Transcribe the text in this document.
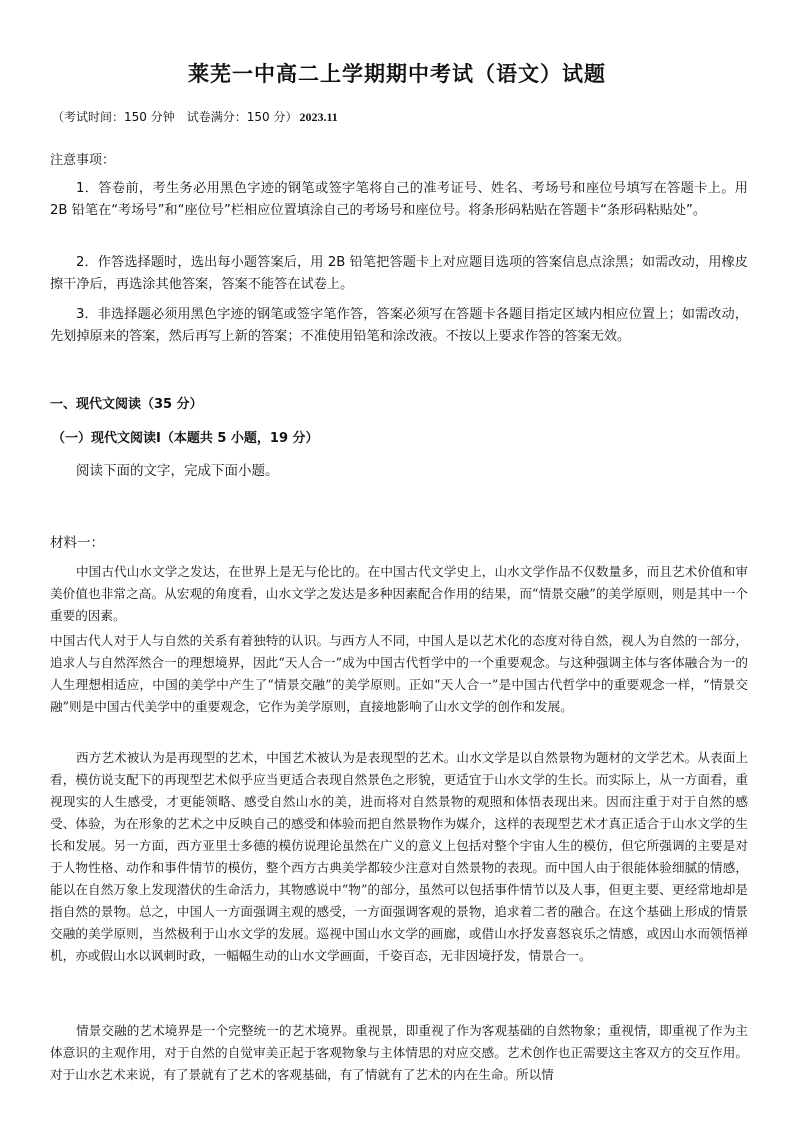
莱芜一中高二上学期期中考试（语文）试题
（考试时间：150 分钟　试卷满分：150 分） 2023.11
注意事项：
1．答卷前，考生务必用黑色字迹的钢笔或签字笔将自己的准考证号、姓名、考场号和座位号填写在答题卡上。用 2B 铅笔在“考场号”和“座位号”栏相应位置填涂自己的考场号和座位号。将条形码粘贴在答题卡“条形码粘贴处”。
2．作答选择题时，选出每小题答案后，用 2B 铅笔把答题卡上对应题目选项的答案信息点涂黑；如需改动，用橡皮擦干净后，再选涂其他答案，答案不能答在试卷上。
3．非选择题必须用黑色字迹的钢笔或签字笔作答，答案必须写在答题卡各题目指定区域内相应位置上；如需改动，先划掉原来的答案，然后再写上新的答案；不准使用铅笔和涂改液。不按以上要求作答的答案无效。
一、现代文阅读（35 分）
（一）现代文阅读Ⅰ（本题共 5 小题，19 分）
阅读下面的文字，完成下面小题。
材料一：
中国古代山水文学之发达，在世界上是无与伦比的。在中国古代文学史上，山水文学作品不仅数量多，而且艺术价值和审美价值也非常之高。从宏观的角度看，山水文学之发达是多种因素配合作用的结果，而“情景交融”的美学原则，则是其中一个重要的因素。
中国古代人对于人与自然的关系有着独特的认识。与西方人不同，中国人是以艺术化的态度对待自然，视人为自然的一部分，追求人与自然浑然合一的理想境界，因此“天人合一”成为中国古代哲学中的一个重要观念。与这种强调主体与客体融合为一的人生理想相适应，中国的美学中产生了“情景交融”的美学原则。正如“天人合一”是中国古代哲学中的重要观念一样，“情景交融”则是中国古代美学中的重要观念，它作为美学原则，直接地影响了山水文学的创作和发展。
西方艺术被认为是再现型的艺术，中国艺术被认为是表现型的艺术。山水文学是以自然景物为题材的文学艺术。从表面上看，模仿说支配下的再现型艺术似乎应当更适合表现自然景色之形貌，更适宜于山水文学的生长。而实际上，从一方面看，重视现实的人生感受，才更能领略、感受自然山水的美，进而将对自然景物的观照和体悟表现出来。因而注重于对于自然的感受、体验，为在形象的艺术之中反映自己的感受和体验而把自然景物作为媒介，这样的表现型艺术才真正适合于山水文学的生长和发展。另一方面，西方亚里士多德的模仿说理论虽然在广义的意义上包括对整个宇宙人生的模仿，但它所强调的主要是对于人物性格、动作和事件情节的模仿，整个西方古典美学都较少注意对自然景物的表现。而中国人由于很能体验细腻的情感，能以在自然万象上发现潜伏的生命活力，其物感说中“物”的部分，虽然可以包括事件情节以及人事，但更主要、更经常地却是指自然的景物。总之，中国人一方面强调主观的感受，一方面强调客观的景物，追求着二者的融合。在这个基础上形成的情景交融的美学原则，当然极利于山水文学的发展。巡视中国山水文学的画廊，或借山水抒发喜怒哀乐之情感，或因山水而领悟禅机，亦或假山水以讽刺时政，一幅幅生动的山水文学画面，千姿百态，无非因境抒发，情景合一。
情景交融的艺术境界是一个完整统一的艺术境界。重视景，即重视了作为客观基础的自然物象；重视情，即重视了作为主体意识的主观作用，对于自然的自觉审美正起于客观物象与主体情思的对应交感。艺术创作也正需要这主客双方的交互作用。对于山水艺术来说，有了景就有了艺术的客观基础，有了情就有了艺术的内在生命。所以情
